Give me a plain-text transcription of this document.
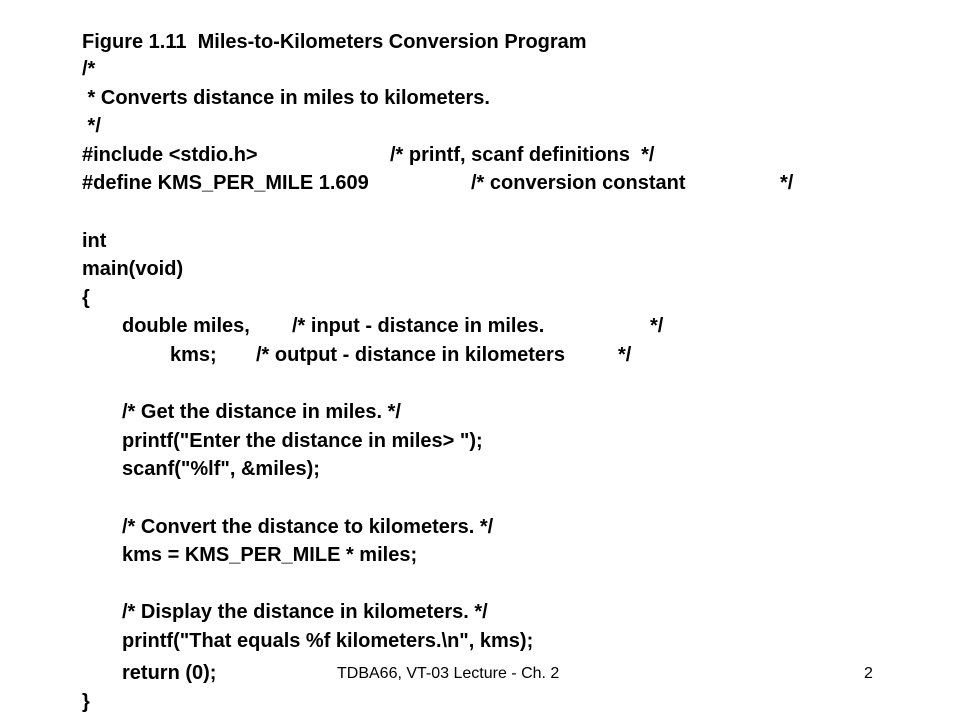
Figure 1.11  Miles-to-Kilometers Conversion Program
/*
* Converts distance in miles to kilometers.
*/
#include <stdio.h>	/* printf, scanf definitions  */
#define KMS_PER_MILE 1.609	/* conversion constant	*/
int
main(void)
{
double miles, /* input - distance in miles.	*/
kms; /* output - distance in kilometers	*/
/* Get the distance in miles. */
printf("Enter the distance in miles> ");
scanf("%lf", &miles);
/* Convert the distance to kilometers. */
kms = KMS_PER_MILE * miles;
/* Display the distance in kilometers. */
printf("That equals %f kilometers.\n", kms);
return (0);
}
TDBA66, VT-03 Lecture - Ch. 2	2
